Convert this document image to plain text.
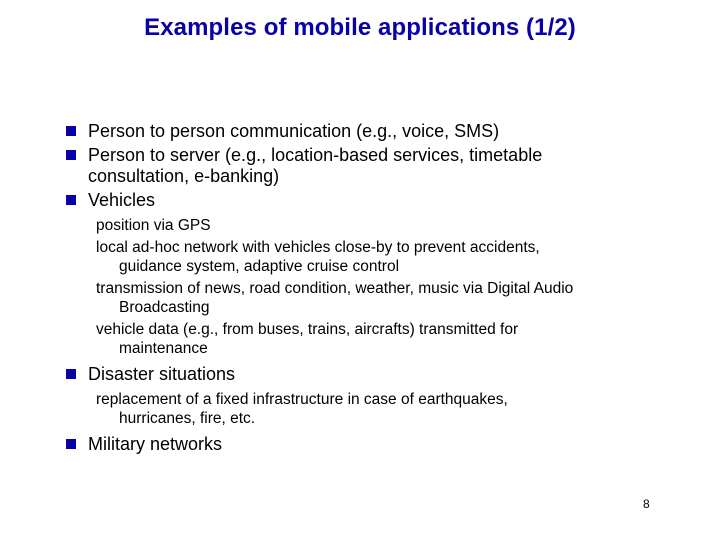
Examples of mobile applications (1/2)
Person to person communication (e.g., voice, SMS)
Person to server (e.g., location-based services, timetable
consultation, e-banking)
Vehicles
position via GPS
local ad-hoc network with vehicles close-by to prevent accidents,
guidance system, adaptive cruise control
transmission of news, road condition, weather, music via Digital Audio
Broadcasting
vehicle data (e.g., from buses, trains, aircrafts) transmitted for
maintenance
Disaster situations
replacement of a fixed infrastructure in case of earthquakes,
hurricanes, fire, etc.
Military networks
8
